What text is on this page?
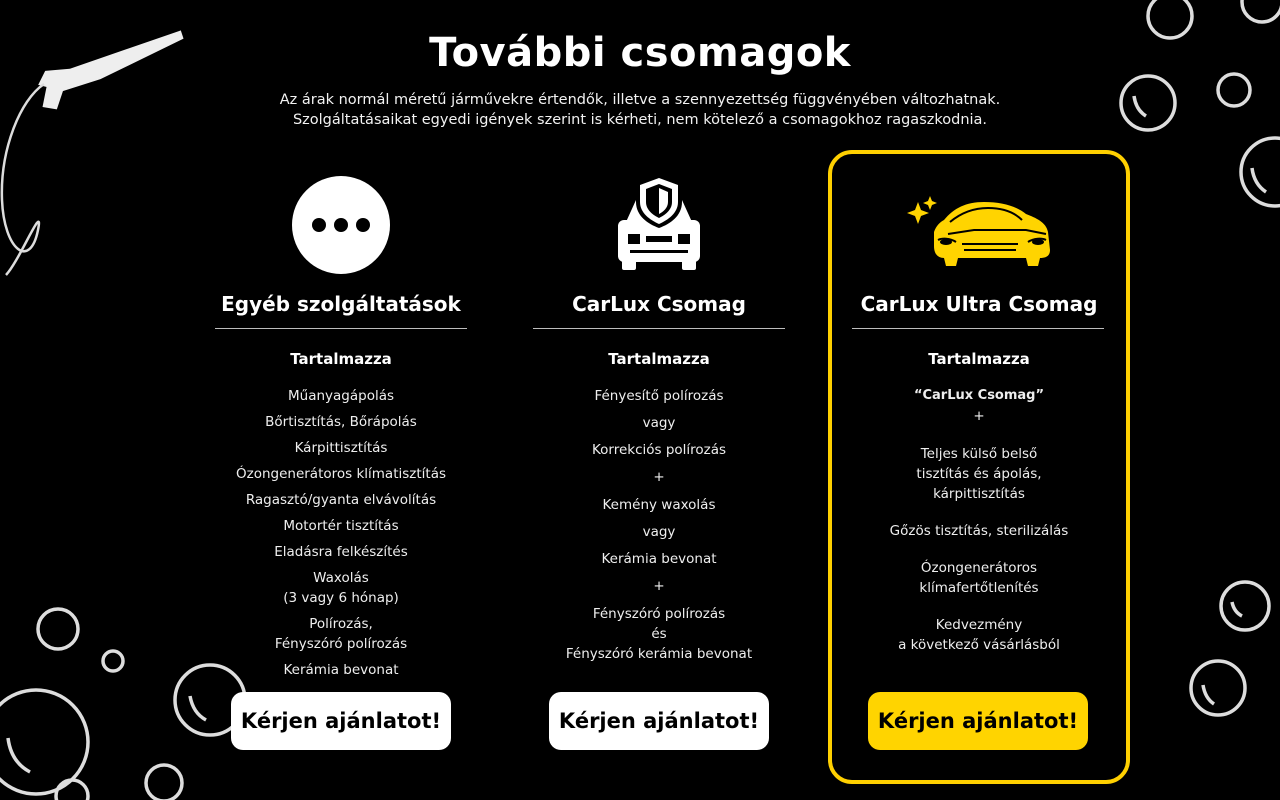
További csomagok
Az árak normál méretű járművekre értendők, illetve a szennyezettség függvényében változhatnak.
Szolgáltatásaikat egyedi igények szerint is kérheti, nem kötelező a csomagokhoz ragaszkodnia.
Egyéb szolgáltatások
Tartalmazza
Műanyagápolás
Bőrtisztítás, Bőrápolás
Kárpittisztítás
Ózongenerátoros klímatisztítás
Ragasztó/gyanta elvávolítás
Motortér tisztítás
Eladásra felkészítés
Waxolás
(3 vagy 6 hónap)
Polírozás,
Fényszóró polírozás
Kerámia bevonat
Kérjen ajánlatot!
CarLux Csomag
Tartalmazza
Fényesítő polírozás
vagy
Korrekciós polírozás
+
Kemény waxolás
vagy
Kerámia bevonat
+
Fényszóró polírozás
és
Fényszóró kerámia bevonat
Kérjen ajánlatot!
CarLux Ultra Csomag
Tartalmazza
“CarLux Csomag”
+
Teljes külső belső
tisztítás és ápolás,
kárpittisztítás
Gőzös tisztítás, sterilizálás
Ózongenerátoros
klímafertőtlenítés
Kedvezmény
a következő vásárlásból
Kérjen ajánlatot!
